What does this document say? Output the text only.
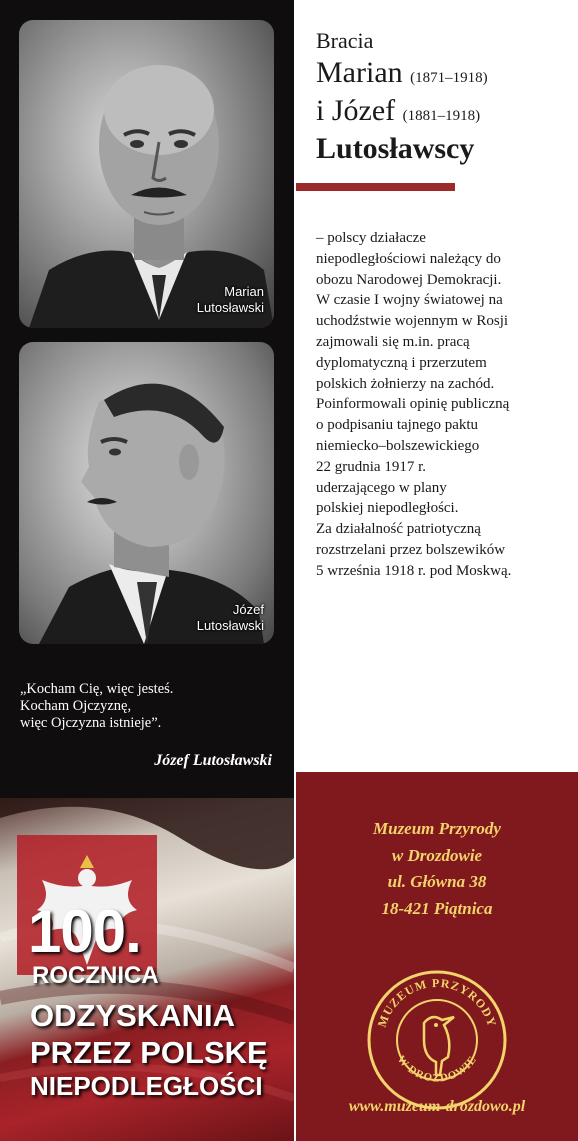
Marian
Lutosławski
Józef
Lutosławski
„Kocham Cię, więc jesteś.
Kocham Ojczyznę,
więc Ojczyzna istnieje”.
Józef Lutosławski
100.
ROCZNICA
ODZYSKANIA
PRZEZ POLSKĘ
NIEPODLEGŁOŚCI
Bracia
Marian (1871–1918)
i Józef (1881–1918)
Lutosławscy
– polscy działacze
niepodległościowi należący do
obozu Narodowej Demokracji.
W czasie I wojny światowej na
uchodźstwie wojennym w Rosji
zajmowali się m.in. pracą
dyplomatyczną i przerzutem
polskich żołnierzy na zachód.
Poinformowali opinię publiczną
o podpisaniu tajnego paktu
niemiecko–bolszewickiego
22 grudnia 1917 r.
uderzającego w plany
polskiej niepodległości.
Za działalność patriotyczną
rozstrzelani przez bolszewików
5 września 1918 r. pod Moskwą.
Muzeum Przyrody
w Drozdowie
ul. Główna 38
18-421 Piątnica
MUZEUM PRZYRODY
W DROZDOWIE
www.muzeum-drozdowo.pl
